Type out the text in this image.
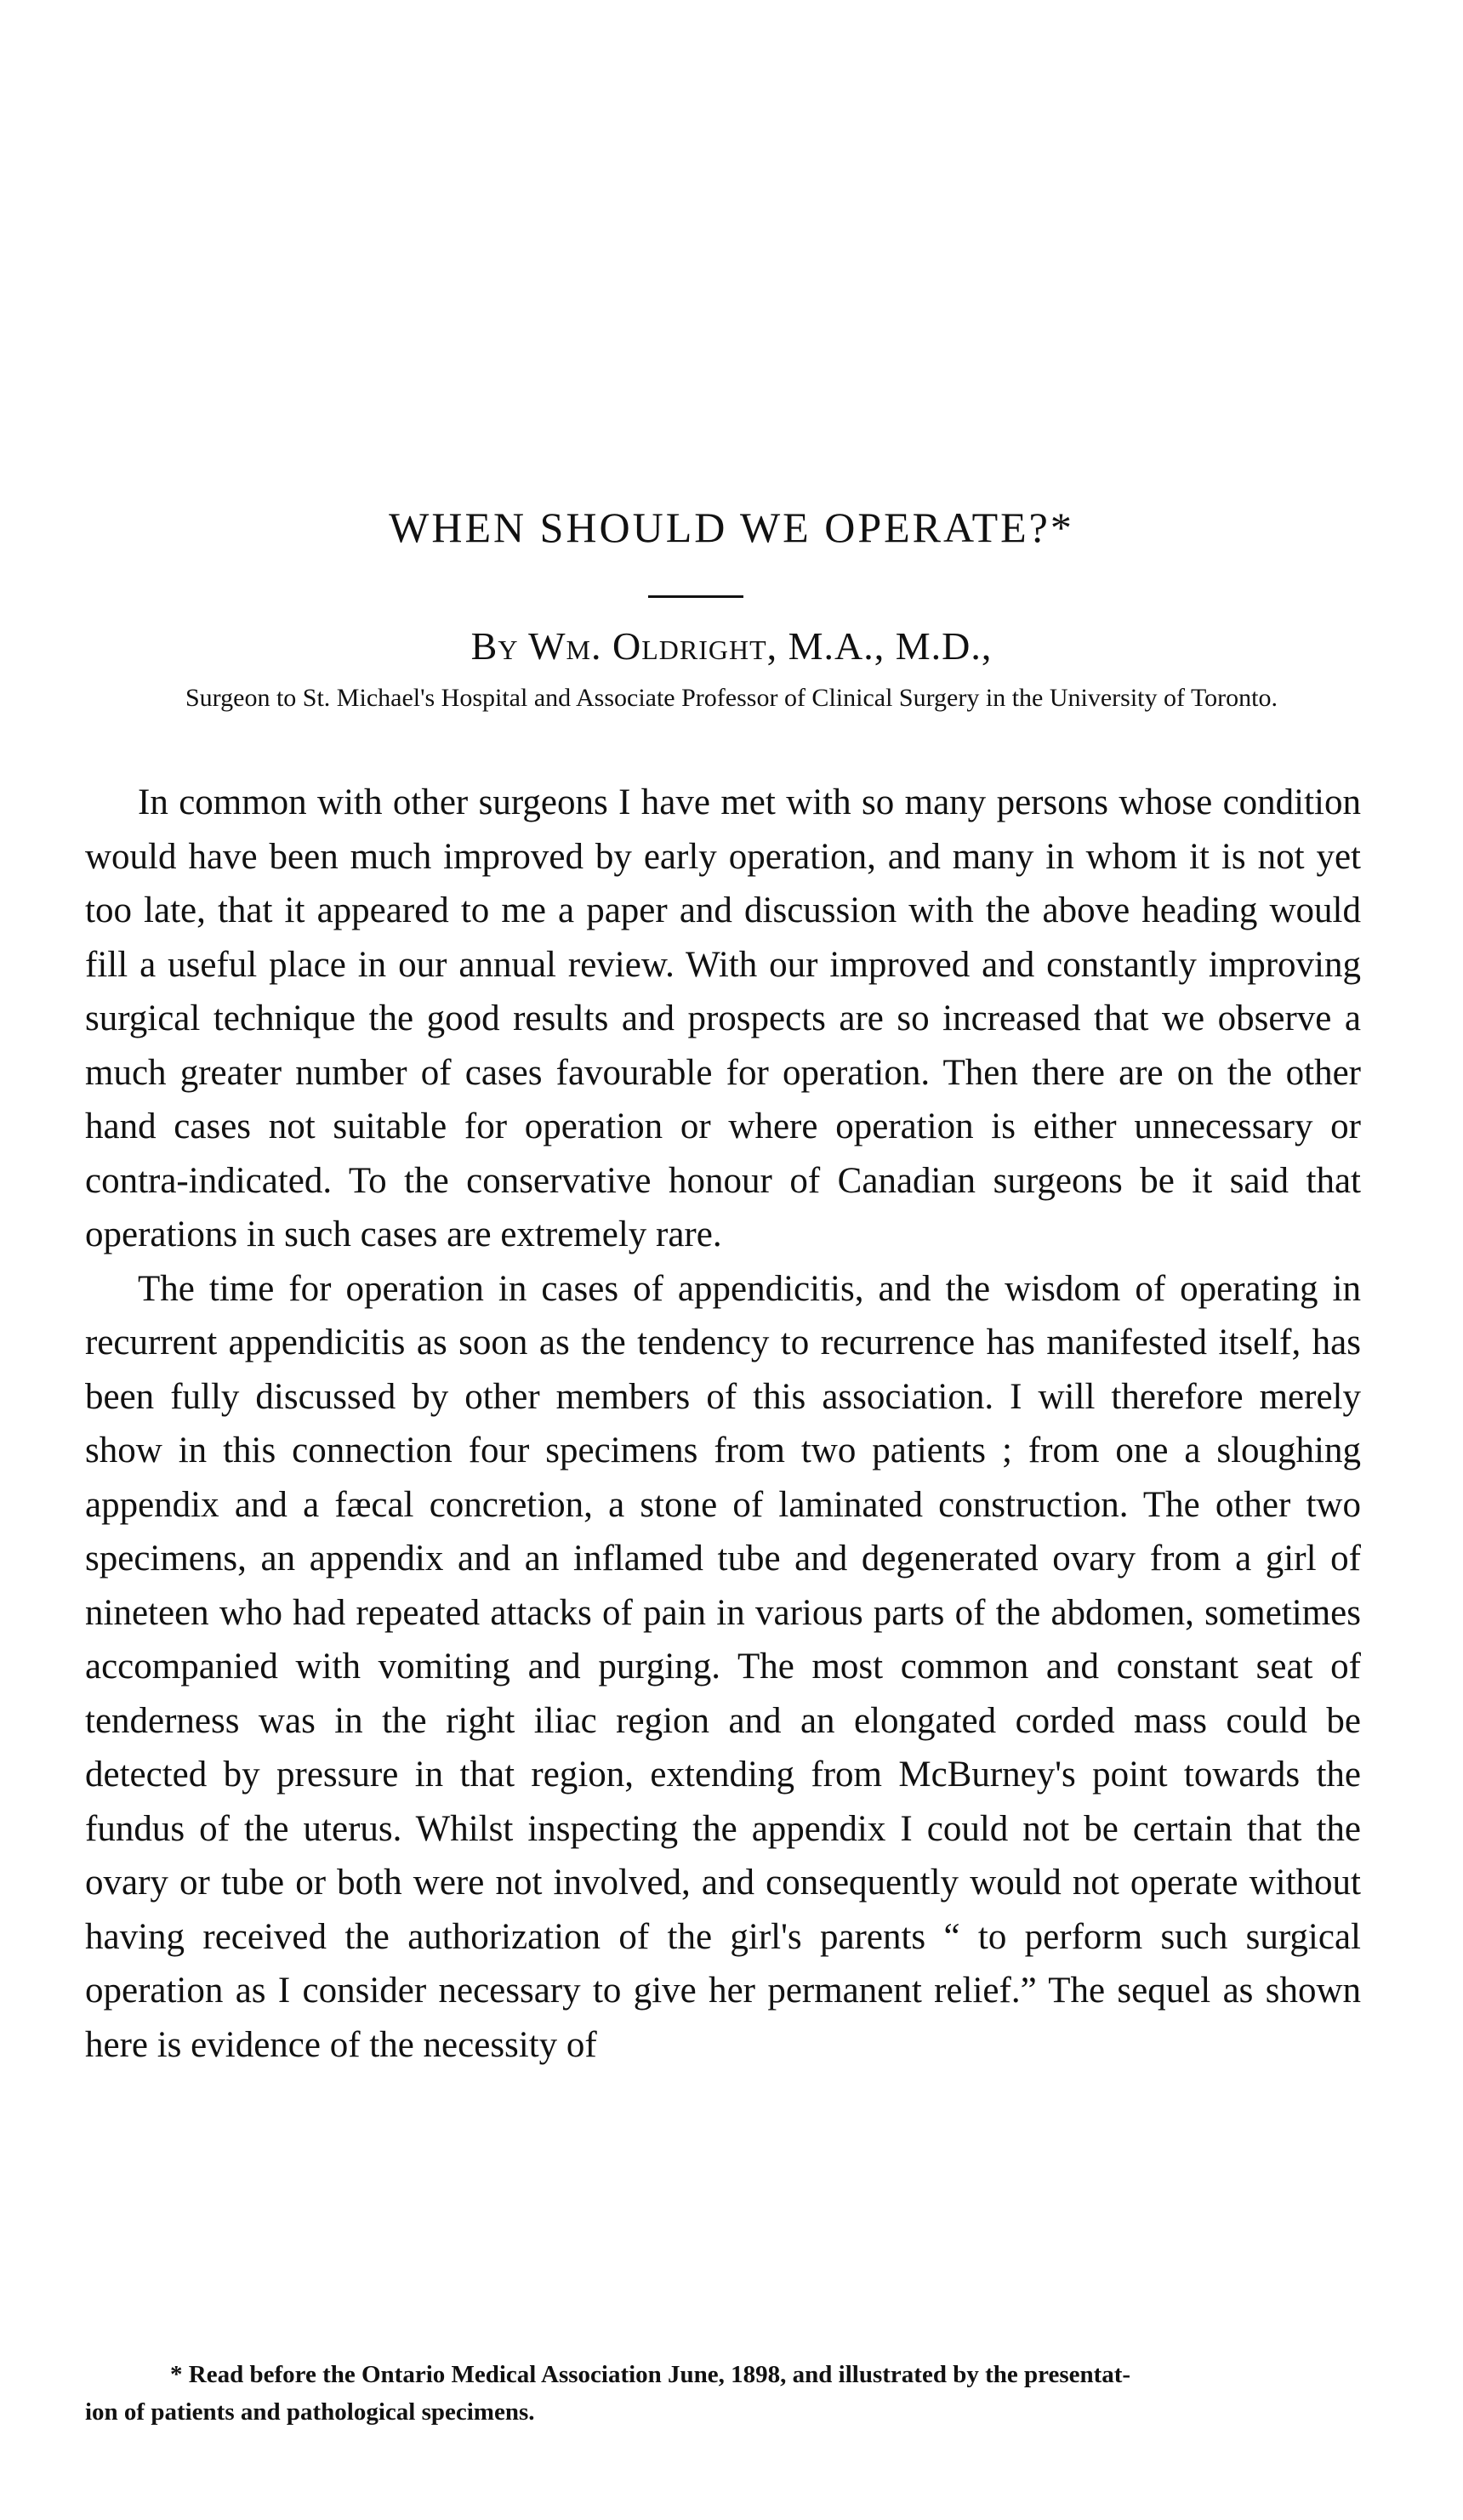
WHEN SHOULD WE OPERATE?*
By Wm. Oldright, M.A., M.D.,
Surgeon to St. Michael's Hospital and Associate Professor of Clinical Surgery in the University of Toronto.

In common with other surgeons I have met with so many persons whose condition would have been much improved by early operation, and many in whom it is not yet too late, that it appeared to me a paper and discussion with the above heading would fill a useful place in our annual review. With our improved and constantly improving surgical technique the good results and prospects are so increased that we observe a much greater number of cases favourable for operation. Then there are on the other hand cases not suitable for operation or where operation is either unnecessary or contra-indicated. To the conservative honour of Canadian surgeons be it said that operations in such cases are extremely rare.

The time for operation in cases of appendicitis, and the wisdom of operating in recurrent appendicitis as soon as the tendency to recurrence has manifested itself, has been fully discussed by other members of this association. I will therefore merely show in this connection four specimens from two patients ; from one a sloughing appendix and a fæcal concretion, a stone of laminated construction. The other two specimens, an appendix and an inflamed tube and degenerated ovary from a girl of nineteen who had repeated attacks of pain in various parts of the abdomen, sometimes accompanied with vomiting and purging. The most common and constant seat of tenderness was in the right iliac region and an elongated corded mass could be detected by pressure in that region, extending from McBurney's point towards the fundus of the uterus. Whilst inspecting the appendix I could not be certain that the ovary or tube or both were not involved, and consequently would not operate without having received the authorization of the girl's parents “ to perform such surgical operation as I consider necessary to give her permanent relief.” The sequel as shown here is evidence of the necessity of

* Read before the Ontario Medical Association June, 1898, and illustrated by the presentat-
ion of patients and pathological specimens.
